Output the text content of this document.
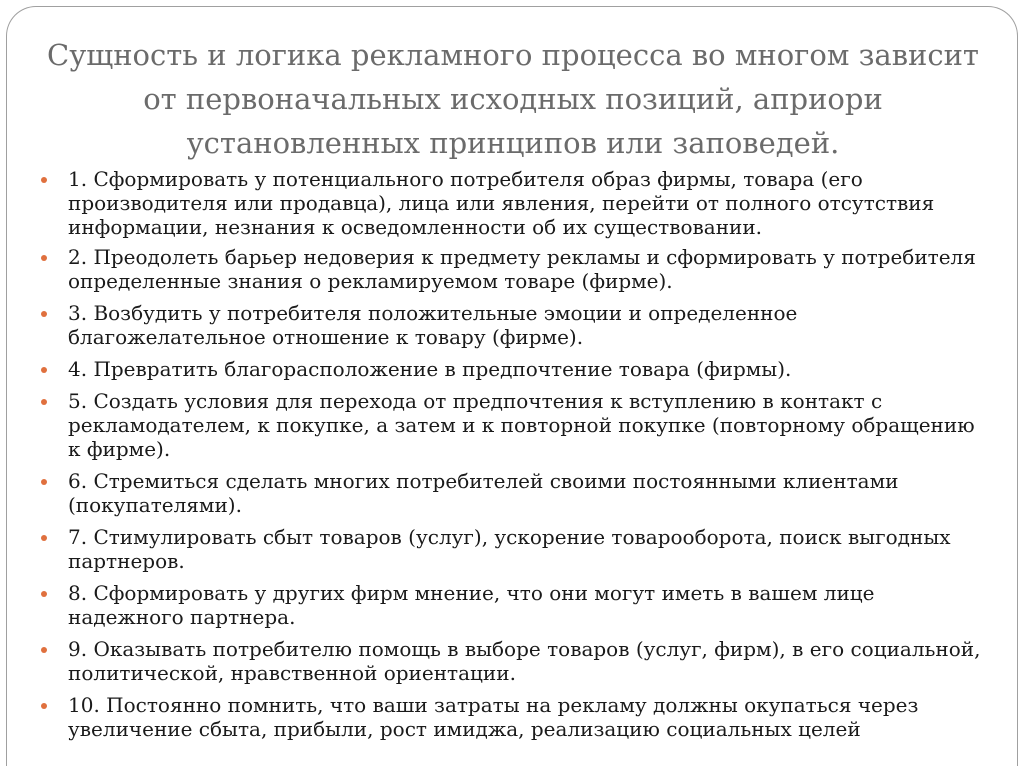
Сущность и логика рекламного процесса во многом зависит от первоначальных исходных позиций, априори установленных принципов или заповедей.
1. Сформировать у потенциального потребителя образ фирмы, товара (его производителя или продавца), лица или явления, перейти от полного отсутствия информации, незнания к осведомленности об их существовании.
2. Преодолеть барьер недоверия к предмету рекламы и сформировать у потребителя определенные знания о рекламируемом товаре (фирме).
3. Возбудить у потребителя положительные эмоции и определенное благожелательное отношение к товару (фирме).
4. Превратить благорасположение в предпочтение товара (фирмы).
5. Создать условия для перехода от предпочтения к вступлению в контакт с рекламодателем, к покупке, а затем и к повторной покупке (повторному обращению к фирме).
6. Стремиться сделать многих потребителей своими постоянными клиентами (покупателями).
7. Стимулировать сбыт товаров (услуг), ускорение товарооборота, поиск выгодных партнеров.
8. Сформировать у других фирм мнение, что они могут иметь в вашем лице надежного партнера.
9. Оказывать потребителю помощь в выборе товаров (услуг, фирм), в его социальной, политической, нравственной ориентации.
10. Постоянно помнить, что ваши затраты на рекламу должны окупаться через увеличение сбыта, прибыли, рост имиджа, реализацию социальных целей
